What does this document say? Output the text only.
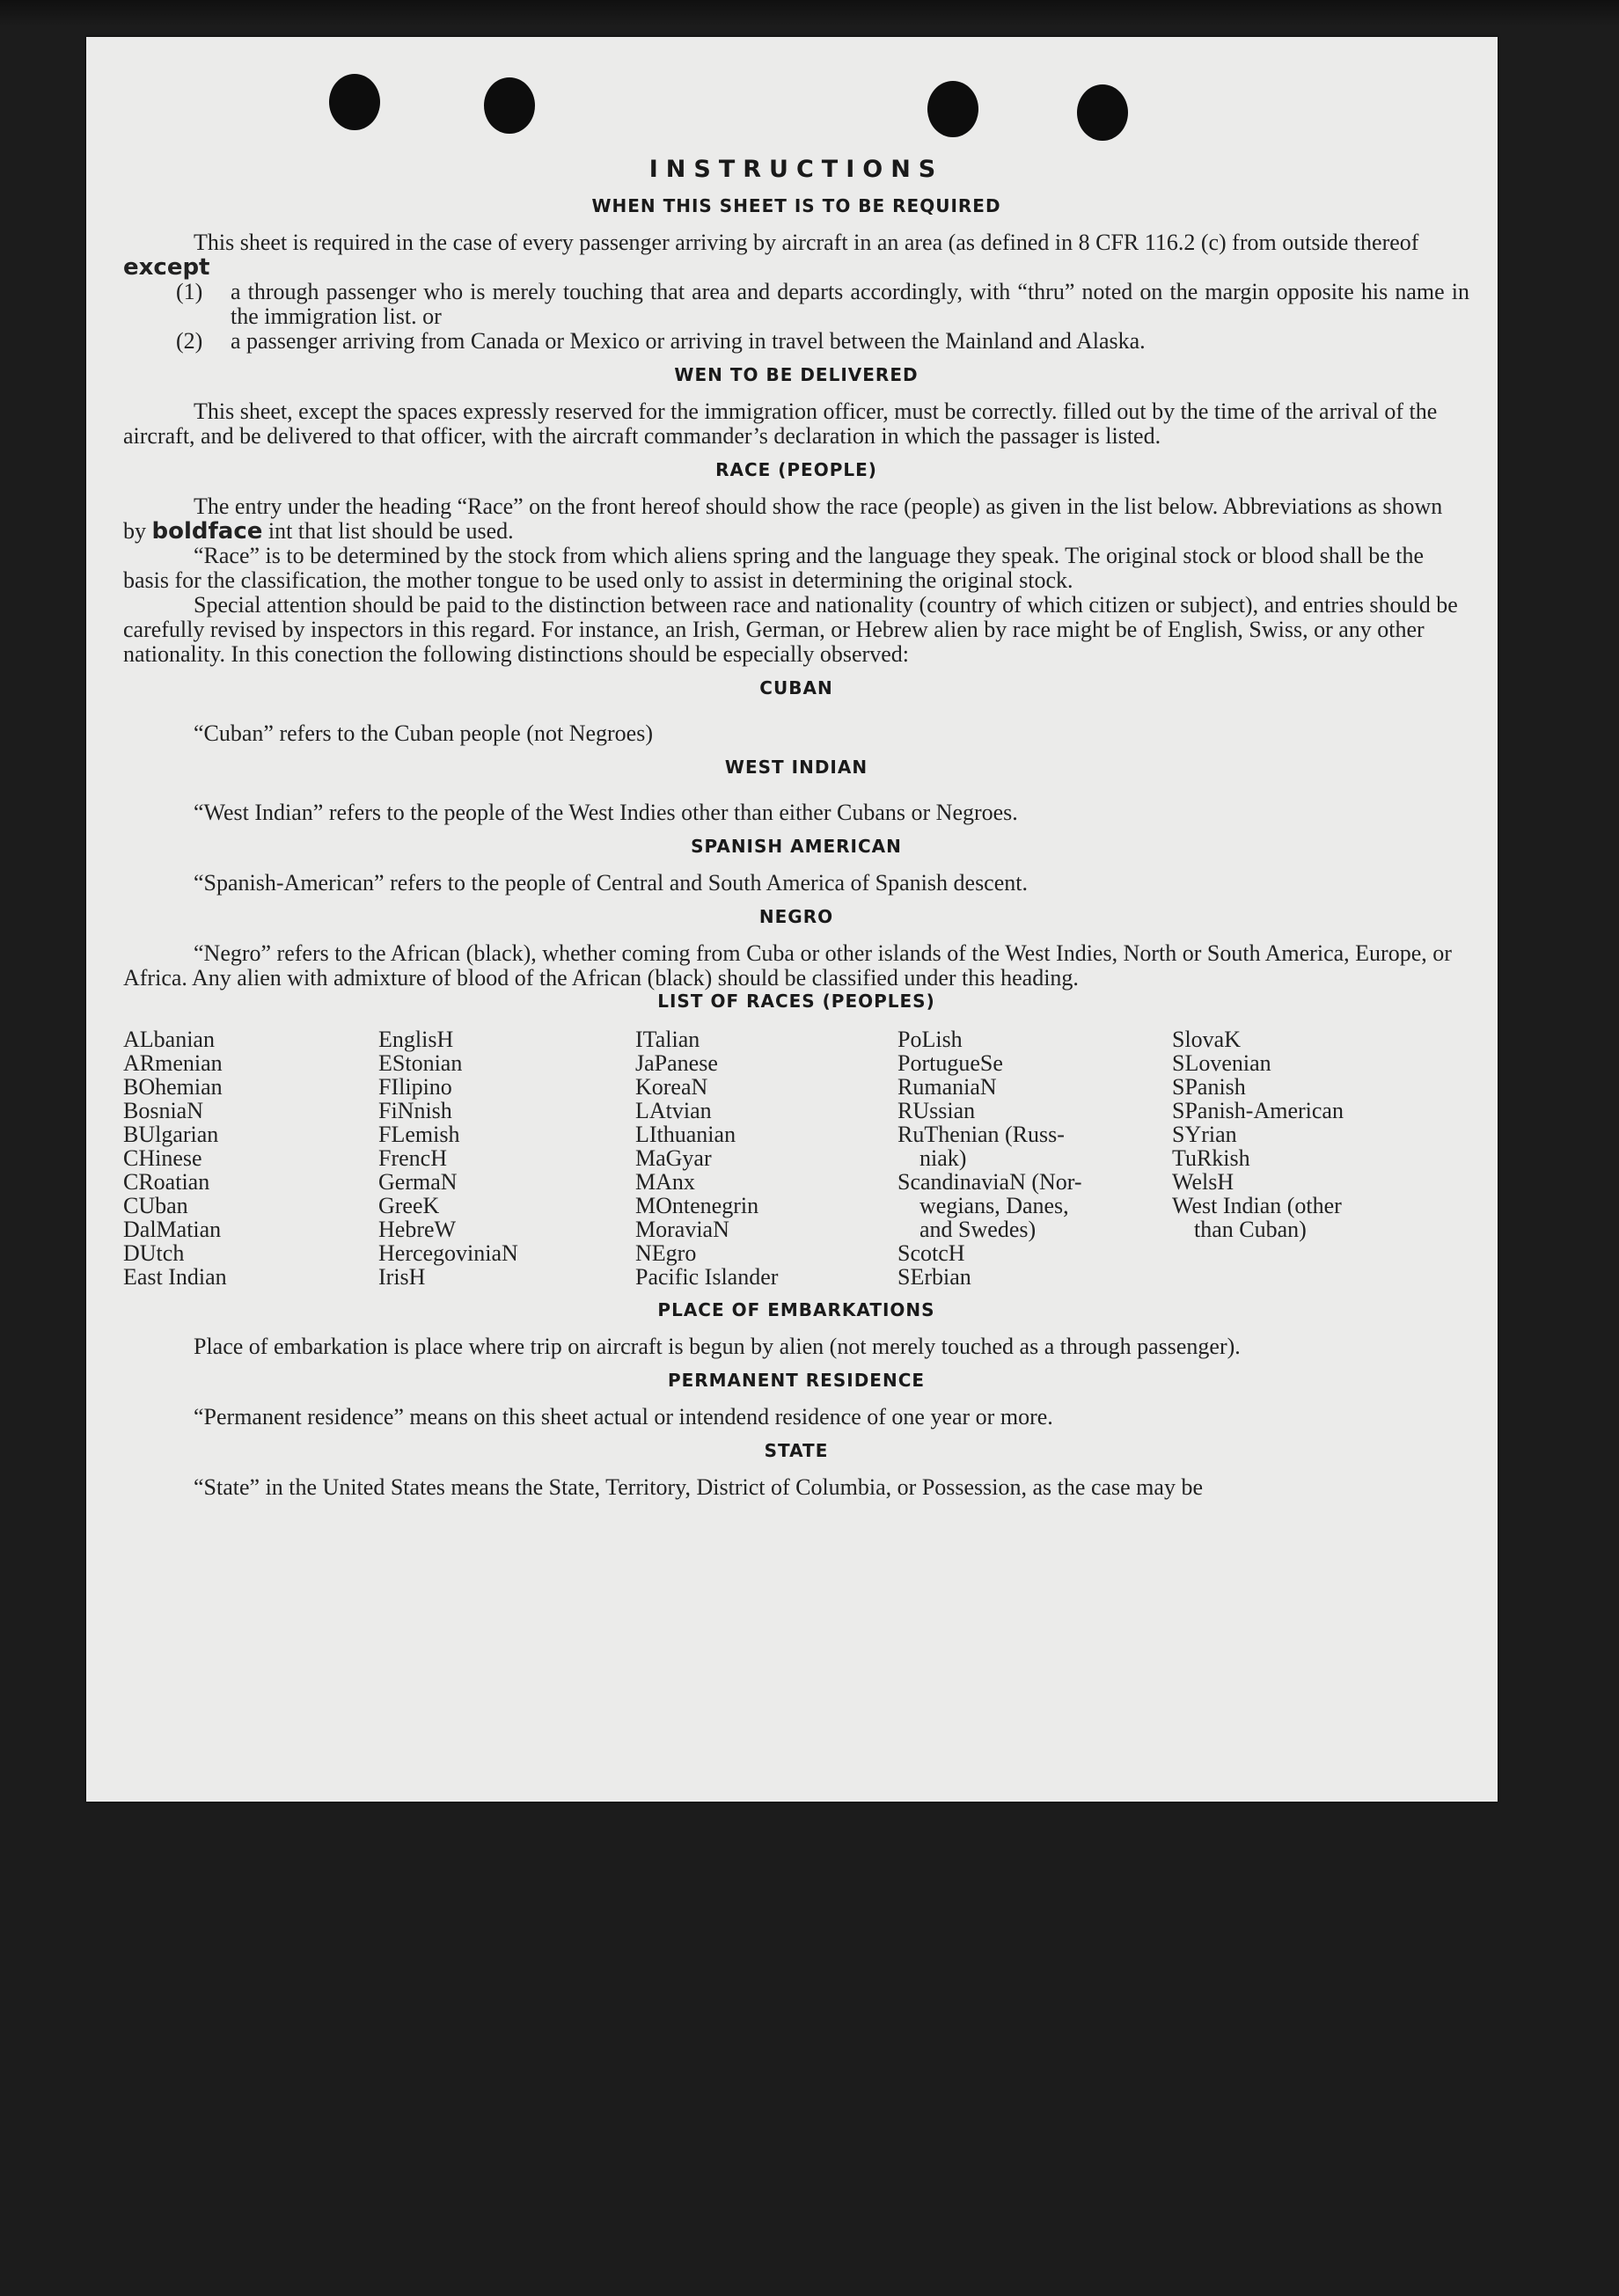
INSTRUCTIONS
WHEN THIS SHEET IS TO BE REQUIRED

This sheet is required in the case of every passenger arriving by aircraft in an area (as defined in 8 CFR 116.2 (c) from outside thereof except

(1)	a through passenger who is merely touching that area and departs accordingly, with “thru” noted on the margin opposite his name in the immigration list. or
(2)	a passenger arriving from Canada or Mexico or arriving in travel between the Mainland and Alaska.
WEN TO BE DELIVERED

This sheet, except the spaces expressly reserved for the immigration officer, must be correctly. filled out by the time of the arrival of the aircraft, and be delivered to that officer, with the aircraft commander’s declaration in which the passager is listed.

RACE (PEOPLE)

The entry under the heading “Race” on the front hereof should show the race (people) as given in the list below. Abbreviations as shown by boldface int that list should be used.

“Race” is to be determined by the stock from which aliens spring and the language they speak. The original stock or blood shall be the basis for the classification, the mother tongue to be used only to assist in determining the original stock.

Special attention should be paid to the distinction between race and nationality (country of which citizen or subject), and entries should be carefully revised by inspectors in this regard. For instance, an Irish, German, or Hebrew alien by race might be of English, Swiss, or any other nationality. In this conection the following distinctions should be especially observed:

CUBAN

“Cuban” refers to the Cuban people (not Negroes)

WEST INDIAN

“West Indian” refers to the people of the West Indies other than either Cubans or Negroes.

SPANISH AMERICAN

“Spanish-American” refers to the people of Central and South America of Spanish descent.

NEGRO

“Negro” refers to the African (black), whether coming from Cuba or other islands of the West Indies, North or South America, Europe, or Africa. Any alien with admixture of blood of the African (black) should be classified under this heading.

LIST OF RACES (PEOPLES)
ALbanian
ARmenian
BOhemian
BosniaN
BUlgarian
CHinese
CRoatian
CUban
DalMatian
DUtch
East Indian
EnglisH
EStonian
FIlipino
FiNnish
FLemish
FrencH
GermaN
GreeK
HebreW
HercegoviniaN
IrisH
ITalian
JaPanese
KoreaN
LAtvian
LIthuanian
MaGyar
MAnx
MOntenegrin
MoraviaN
NEgro
Pacific Islander
PoLish
PortugueSe
RumaniaN
RUssian
RuThenian (Russ-
niak)
ScandinaviaN (Nor-
wegians, Danes,
and Swedes)
ScotcH
SErbian
SlovaK
SLovenian
SPanish
SPanish-American
SYrian
TuRkish
WelsH
West Indian (other
than Cuban)
PLACE OF EMBARKATIONS

Place of embarkation is place where trip on aircraft is begun by alien (not merely touched as a through passenger).

PERMANENT RESIDENCE

“Permanent residence” means on this sheet actual or intendend residence of one year or more.

STATE

“State” in the United States means the State, Territory, District of Columbia, or Possession, as the case may be
